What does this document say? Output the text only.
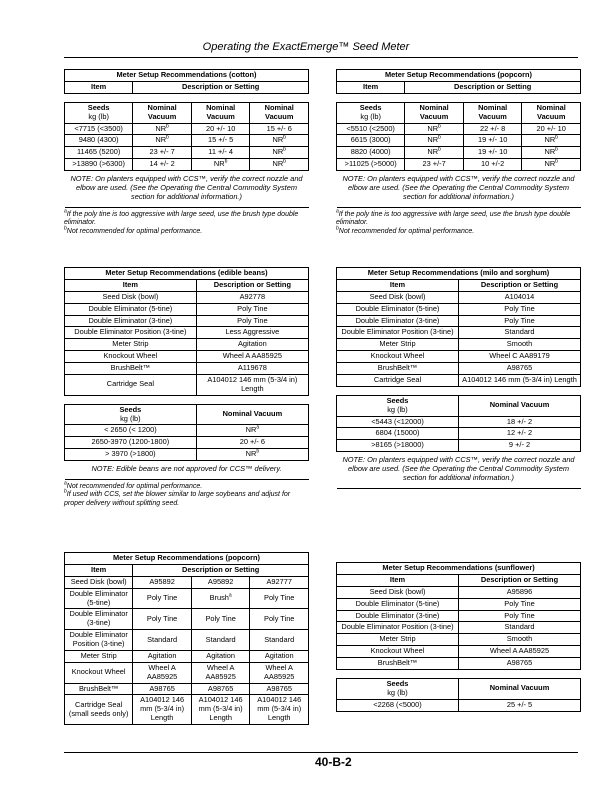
Operating the ExactEmerge™ Seed Meter
Meter Setup Recommendations (cotton)			
Item	Description or Setting		

Seeds
kg (lb)	Nominal Vacuum	Nominal Vacuum	Nominal Vacuum
<7715 (<3500)	$NR^b$	20 +/- 10	15 +/- 6
9480 (4300)	$NR^b$	15 +/- 5	$NR^b$
11465 (5200)	23 +/- 7	11 +/- 4	$NR^b$
>13890 (>6300)	14 +/- 2	$NR^b$	$NR^b$
NOTE: On planters equipped with CCS™, verify the correct nozzle and elbow are used. (See the Operating the Central Commodity System section for additional information.)			
$^a$If the poly tine is too aggressive with large seed, use the brush type double eliminator.
$^b$Not recommended for optimal performance.
Meter Setup Recommendations (popcorn)			
Item	Description or Setting		

Seeds
kg (lb)	Nominal Vacuum	Nominal Vacuum	Nominal Vacuum
<5510 (<2500)	$NR^b$	22 +/- 8	20 +/- 10
6615 (3000)	$NR^b$	19 +/- 10	$NR^b$
8820 (4000)	$NR^b$	19 +/- 10	$NR^b$
>11025 (>5000)	23 +/-7	10 +/-2	$NR^b$
NOTE: On planters equipped with CCS™, verify the correct nozzle and elbow are used. (See the Operating the Central Commodity System section for additional information.)			
$^a$If the poly tine is too aggressive with large seed, use the brush type double eliminator.
$^b$Not recommended for optimal performance.
Meter Setup Recommendations (edible beans)	
Item	Description or Setting
Seed Disk (bowl)	A92778
Double Eliminator (5-tine)	Poly Tine
Double Eliminator (3-tine)	Poly Tine
Double Eliminator Position (3-tine)	Less Aggressive
Meter Strip	Agitation
Knockout Wheel	Wheel A AA85925
BrushBelt™	A119678
Cartridge Seal	A104012 146 mm (5-3/4 in) Length

Seeds
kg (lb)	Nominal Vacuum
< 2650 (< 1200)	$NR^a$
2650-3970 (1200-1800)	20 +/- 6
> 3970 (>1800)	$NR^b$
NOTE: Edible beans are not approved for CCS™ delivery.	
$^a$Not recommended for optimal performance.
$^b$If used with CCS, set the blower similar to large soybeans and adjust for proper delivery without splitting seed.
Meter Setup Recommendations (milo and sorghum)	
Item	Description or Setting
Seed Disk (bowl)	A104014
Double Eliminator (5-tine)	Poly Tine
Double Eliminator (3-tine)	Poly Tine
Double Eliminator Position (3-tine)	Standard
Meter Strip	Smooth
Knockout Wheel	Wheel C AA89179
BrushBelt™	A98765
Cartridge Seal	A104012 146 mm (5-3/4 in) Length

Seeds
kg (lb)	Nominal Vacuum
<5443 (<12000)	18 +/- 2
6804 (15000)	12 +/- 2
>8165 (>18000)	9 +/- 2
NOTE: On planters equipped with CCS™, verify the correct nozzle and elbow are used. (See the Operating the Central Commodity System section for additional information.)	
Meter Setup Recommendations (popcorn)			
Item	Description or Setting		
Seed Disk (bowl)	A95892	A95892	A92777
Double Eliminator (5-tine)	Poly Tine	Brush$^a$	Poly Tine
Double Eliminator (3-tine)	Poly Tine	Poly Tine	Poly Tine
Double Eliminator Position (3-tine)	Standard	Standard	Standard
Meter Strip	Agitation	Agitation	Agitation
Knockout Wheel	Wheel A AA85925	Wheel A AA85925	Wheel A AA85925
BrushBelt™	A98765	A98765	A98765
Cartridge Seal (small seeds only)	A104012 146 mm (5-3/4 in) Length	A104012 146 mm (5-3/4 in) Length	A104012 146 mm (5-3/4 in) Length
Meter Setup Recommendations (sunflower)	
Item	Description or Setting
Seed Disk (bowl)	A95896
Double Eliminator (5-tine)	Poly Tine
Double Eliminator (3-tine)	Poly Tine
Double Eliminator Position (3-tine)	Standard
Meter Strip	Smooth
Knockout Wheel	Wheel A AA85925
BrushBelt™	A98765

Seeds
kg (lb)	Nominal Vacuum
<2268 (<5000)	25 +/- 5
40-B-2
